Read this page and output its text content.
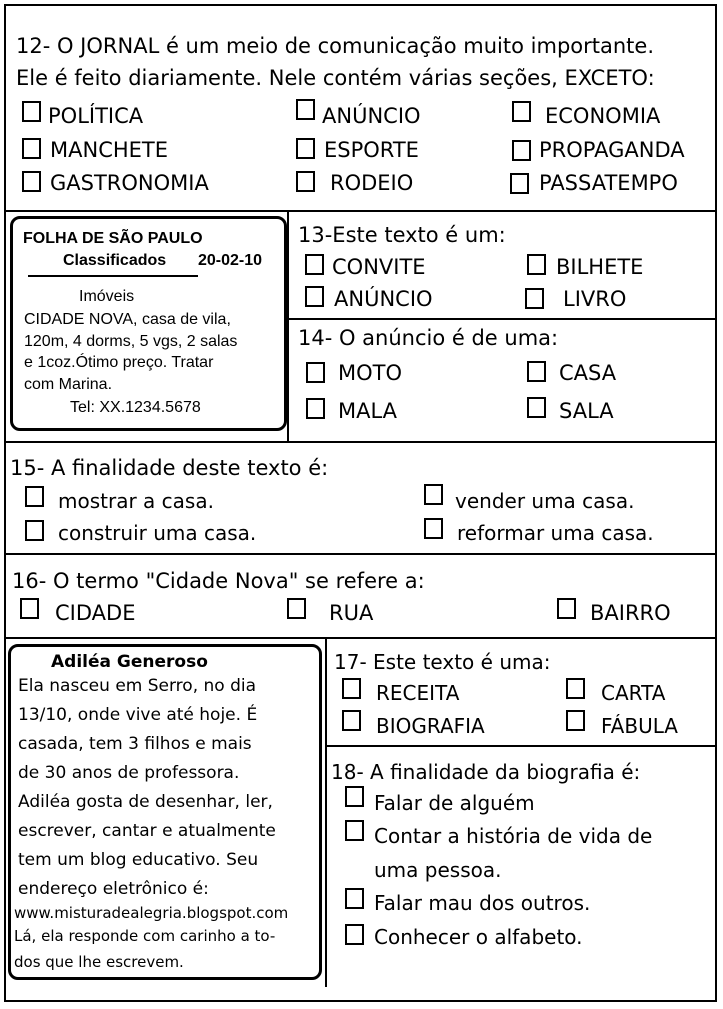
12- O JORNAL é um meio de comunicação muito importante.
Ele é feito diariamente. Nele contém várias seções, EXCETO:
POLÍTICA	ANÚNCIO	ECONOMIA
MANCHETE	ESPORTE	PROPAGANDA
GASTRONOMIA	RODEIO	PASSATEMPO
FOLHA DE SÃO PAULO
Classificados 20-02-10
Imóveis
CIDADE NOVA, casa de vila,
120m, 4 dorms, 5 vgs, 2 salas
e 1coz.Ótimo preço. Tratar
com Marina.
Tel: XX.1234.5678
13-Este texto é um:
CONVITE	BILHETE
ANÚNCIO	LIVRO
14- O anúncio é de uma:
MOTO	CASA
MALA	SALA
15- A finalidade deste texto é:
mostrar a casa.	vender uma casa.
construir uma casa.	reformar uma casa.
16- O termo "Cidade Nova" se refere a:
CIDADE	RUA	BAIRRO
Adiléa Generoso
Ela nasceu em Serro, no dia
13/10, onde vive até hoje. É
casada, tem 3 filhos e mais
de 30 anos de professora.
Adiléa gosta de desenhar, ler,
escrever, cantar e atualmente
tem um blog educativo. Seu
endereço eletrônico é:
www.misturadealegria.blogspot.com
Lá, ela responde com carinho a to-
dos que lhe escrevem.
17- Este texto é uma:
RECEITA	CARTA
BIOGRAFIA	FÁBULA
18- A finalidade da biografia é:
Falar de alguém
Contar a história de vida de
uma pessoa.
Falar mau dos outros.
Conhecer o alfabeto.
